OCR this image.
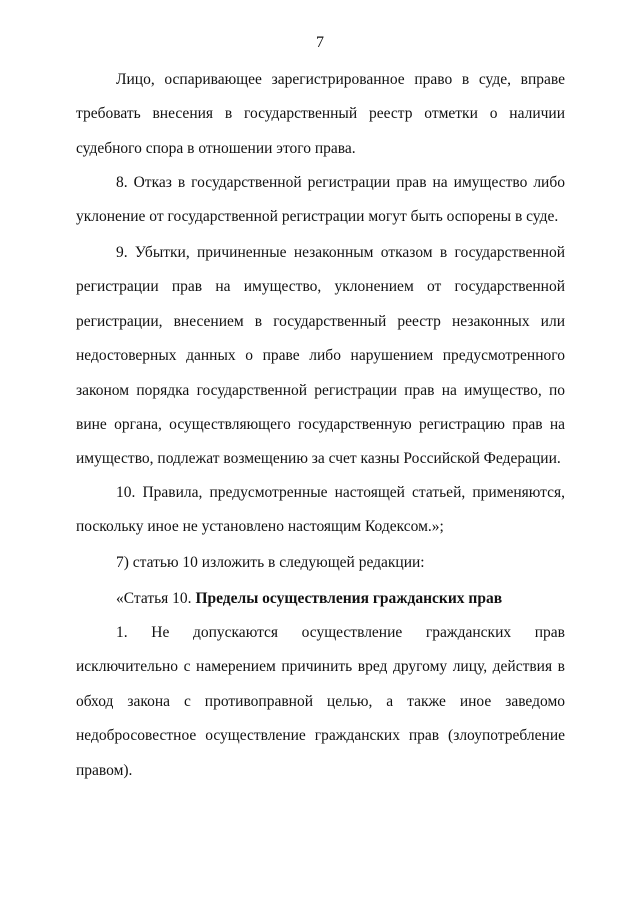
7

Лицо, оспаривающее зарегистрированное право в суде, вправе требовать внесения в государственный реестр отметки о наличии судебного спора в отношении этого права.

8. Отказ в государственной регистрации прав на имущество либо уклонение от государственной регистрации могут быть оспорены в суде.

9. Убытки, причиненные незаконным отказом в государственной регистрации прав на имущество, уклонением от государственной регистрации, внесением в государственный реестр незаконных или недостоверных данных о праве либо нарушением предусмотренного законом порядка государственной регистрации прав на имущество, по вине органа, осуществляющего государственную регистрацию прав на имущество, подлежат возмещению за счет казны Российской Федерации.

10. Правила, предусмотренные настоящей статьей, применяются, поскольку иное не установлено настоящим Кодексом.»;

7) статью 10 изложить в следующей редакции:

«Статья 10. Пределы осуществления гражданских прав

1. Не допускаются осуществление гражданских прав исключительно с намерением причинить вред другому лицу, действия в обход закона с противоправной целью, а также иное заведомо недобросовестное осуществление гражданских прав (злоупотребление правом).
